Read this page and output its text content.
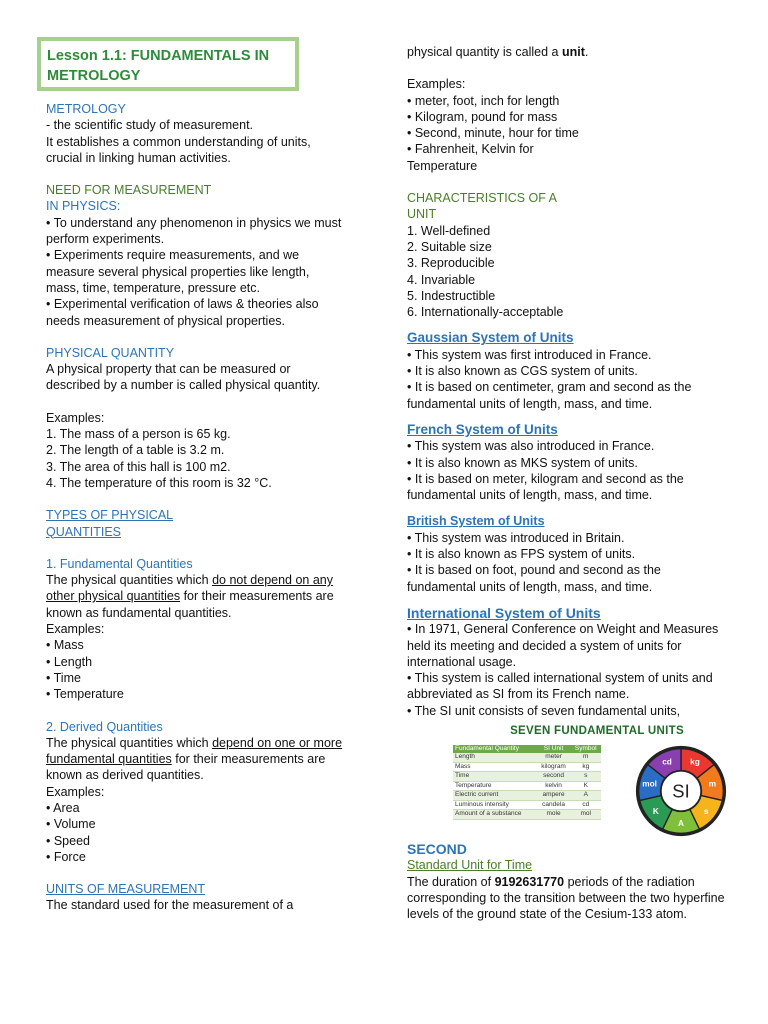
Lesson 1.1: FUNDAMENTALS IN METROLOGY

METROLOGY

- the scientific study of measurement.

It establishes a common understanding of units, crucial in linking human activities.

NEED FOR MEASUREMENT

IN PHYSICS:

• To understand any phenomenon in physics we must perform experiments.

• Experiments require measurements, and we measure several physical properties like length, mass, time, temperature, pressure etc.

• Experimental verification of laws & theories also needs measurement of physical properties.

PHYSICAL QUANTITY

A physical property that can be measured or described by a number is called physical quantity.

Examples:

1. The mass of a person is 65 kg.

2. The length of a table is 3.2 m.

3. The area of this hall is 100 m2.

4. The temperature of this room is 32 °C.

TYPES OF PHYSICAL

QUANTITIES

1. Fundamental Quantities

The physical quantities which do not depend on any other physical quantities for their measurements are known as fundamental quantities.

Examples:

• Mass

• Length

• Time

• Temperature

2. Derived Quantities

The physical quantities which depend on one or more fundamental quantities for their measurements are known as derived quantities.

Examples:

• Area

• Volume

• Speed

• Force

UNITS OF MEASUREMENT

The standard used for the measurement of a

physical quantity is called a unit.

Examples:

• meter, foot, inch for length

• Kilogram, pound for mass

• Second, minute, hour for time

• Fahrenheit, Kelvin for Temperature

CHARACTERISTICS OF A

UNIT

1. Well-defined

2. Suitable size

3. Reproducible

4. Invariable

5. Indestructible

6. Internationally-acceptable

Gaussian System of Units

• This system was first introduced in France.

• It is also known as CGS system of units.

• It is based on centimeter, gram and second as the fundamental units of length, mass, and time.

French System of Units

• This system was also introduced in France.

• It is also known as MKS system of units.

• It is based on meter, kilogram and second as the fundamental units of length, mass, and time.

British System of Units

• This system was introduced in Britain.

• It is also known as FPS system of units.

• It is based on foot, pound and second as the fundamental units of length, mass, and time.

International System of Units

• In 1971, General Conference on Weight and Measures held its meeting and decided a system of units for international usage.

• This system is called international system of units and abbreviated as SI from its French name.

• The SI unit consists of seven fundamental units,

SEVEN FUNDAMENTAL UNITS
Fundamental Quantity	SI Unit	Symbol
Length	meter	m
Mass	kilogram	kg
Time	second	s
Temperature	kelvin	K
Electric current	ampere	A
Luminous intensity	candela	cd
Amount of a substance	mole	mol
kg
m
s
A
K
mol
cd
SI

SECOND

Standard Unit for Time

The duration of 9192631770 periods of the radiation corresponding to the transition between the two hyperfine levels of the ground state of the Cesium-133 atom.
